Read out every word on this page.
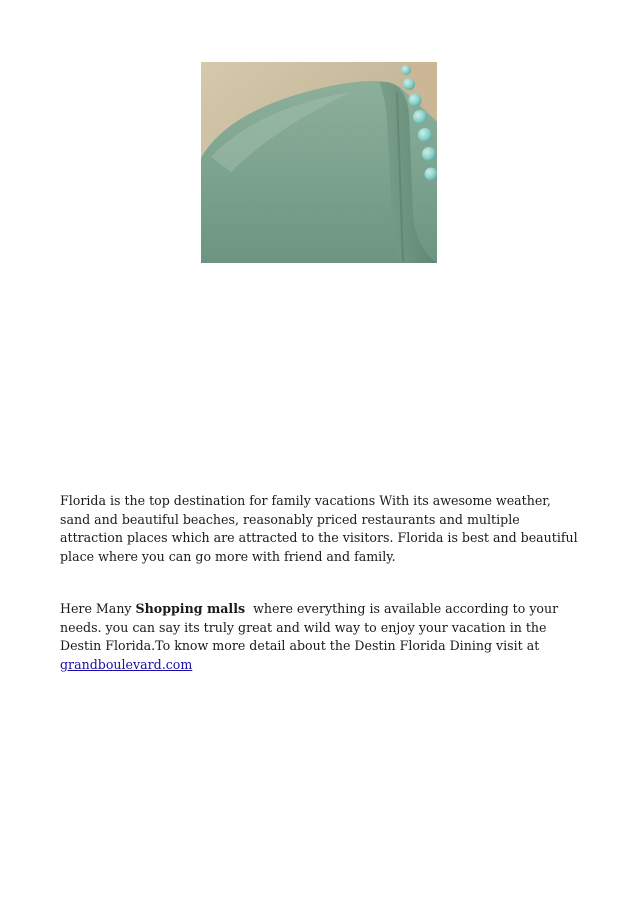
Florida is the top destination for family vacations With its awesome weather, sand and beautiful beaches, reasonably priced restaurants and multiple attraction places which are attracted to the visitors. Florida is best and beautiful place where you can go more with friend and family.

Here Many Shopping malls  where everything is available according to your needs. you can say its truly great and wild way to enjoy your vacation in the Destin Florida.To know more detail about the Destin Florida Dining visit at grandboulevard.com
